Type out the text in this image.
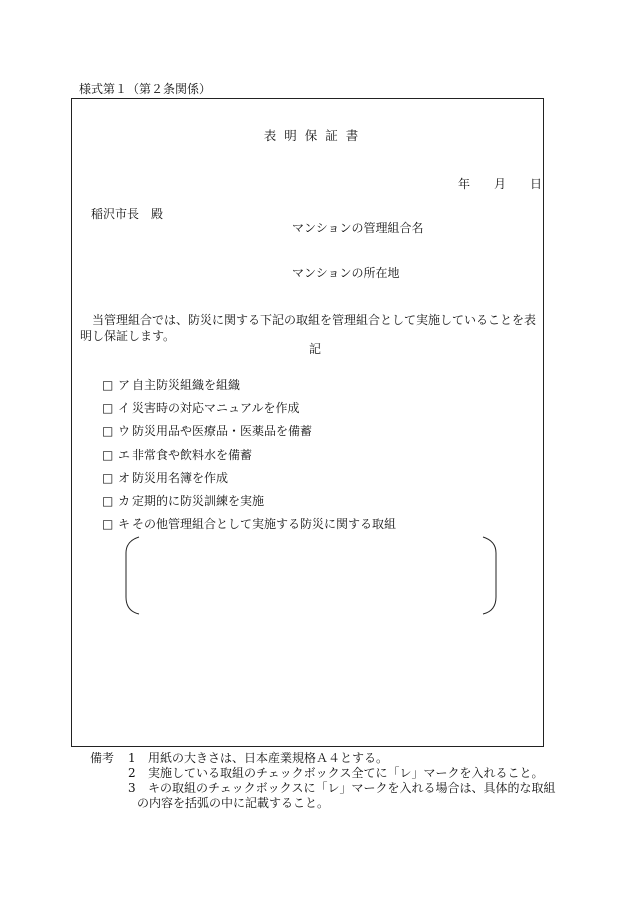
様式第１（第２条関係）
表明保証書
年 月 日
稲沢市長　殿
マンションの管理組合名
マンションの所在地
当管理組合では、防災に関する下記の取組を管理組合として実施していることを表明し保証します。
記
□ ア 自主防災組織を組織
□ イ 災害時の対応マニュアルを作成
□ ウ 防災用品や医療品・医薬品を備蓄
□ エ 非常食や飲料水を備蓄
□ オ 防災用名簿を作成
□ カ 定期的に防災訓練を実施
□ キ その他管理組合として実施する防災に関する取組
備考 1 用紙の大きさは、日本産業規格Ａ４とする。
2 実施している取組のチェックボックス全てに「レ」マークを入れること。
3 キの取組のチェックボックスに「レ」マークを入れる場合は、具体的な取組
の内容を括弧の中に記載すること。
